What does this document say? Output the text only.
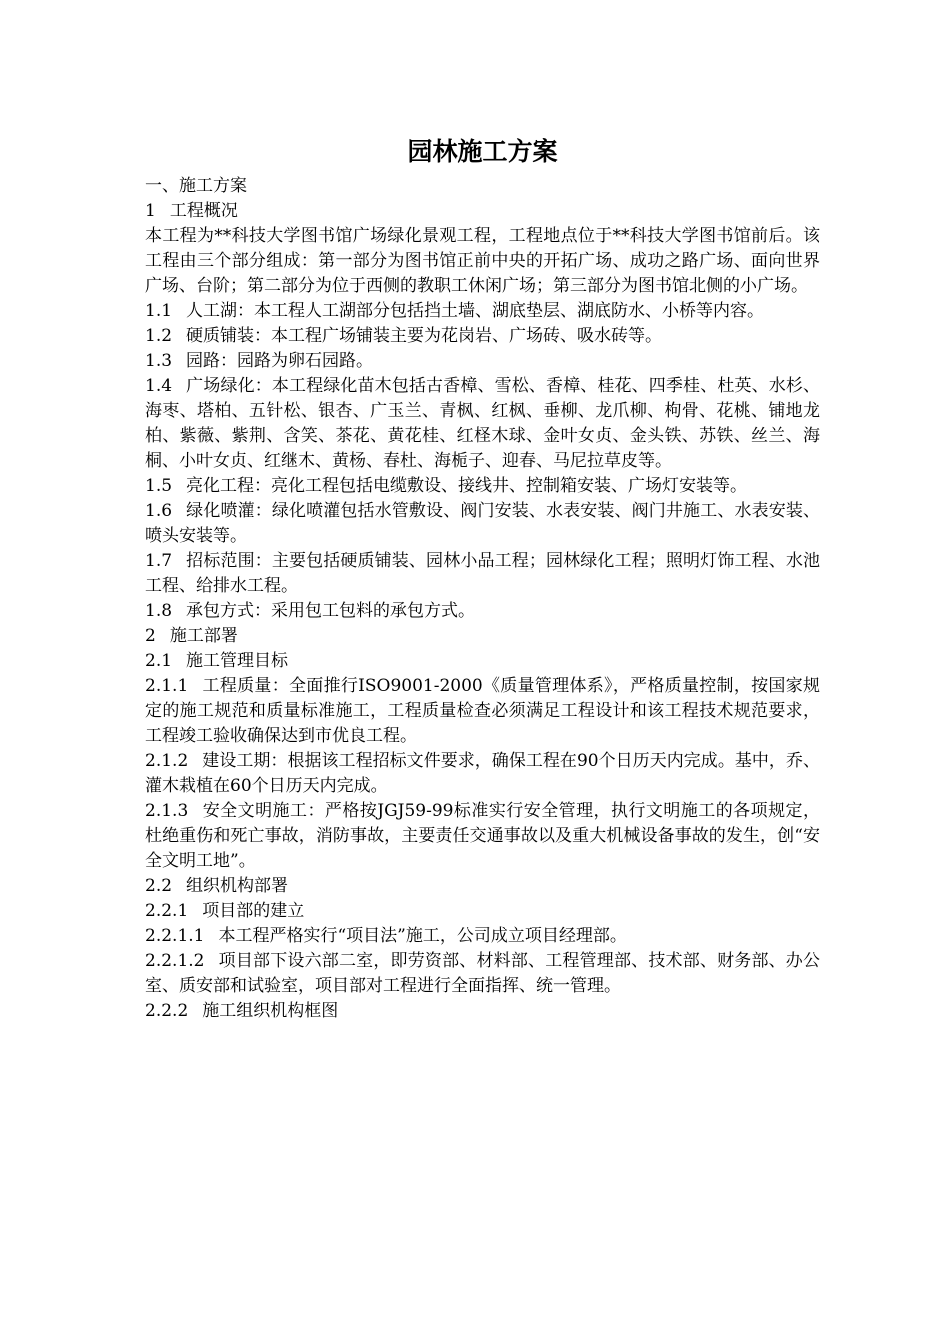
园林施工方案

一、施工方案

1 工程概况

本工程为**科技大学图书馆广场绿化景观工程，工程地点位于**科技大学图书馆前后。该工程由三个部分组成：第一部分为图书馆正前中央的开拓广场、成功之路广场、面向世界广场、台阶；第二部分为位于西侧的教职工休闲广场；第三部分为图书馆北侧的小广场。

1.1 人工湖：本工程人工湖部分包括挡土墙、湖底垫层、湖底防水、小桥等内容。

1.2 硬质铺装：本工程广场铺装主要为花岗岩、广场砖、吸水砖等。

1.3 园路：园路为卵石园路。

1.4 广场绿化：本工程绿化苗木包括古香樟、雪松、香樟、桂花、四季桂、杜英、水杉、海枣、塔柏、五针松、银杏、广玉兰、青枫、红枫、垂柳、龙爪柳、枸骨、花桃、铺地龙柏、紫薇、紫荆、含笑、茶花、黄花桂、红柽木球、金叶女贞、金头铁、苏铁、丝兰、海桐、小叶女贞、红继木、黄杨、春杜、海栀子、迎春、马尼拉草皮等。

1.5 亮化工程：亮化工程包括电缆敷设、接线井、控制箱安装、广场灯安装等。

1.6 绿化喷灌：绿化喷灌包括水管敷设、阀门安装、水表安装、阀门井施工、水表安装、喷头安装等。

1.7 招标范围：主要包括硬质铺装、园林小品工程；园林绿化工程；照明灯饰工程、水池工程、给排水工程。

1.8 承包方式：采用包工包料的承包方式。

2 施工部署

2.1 施工管理目标

2.1.1 工程质量：全面推行ISO9001-2000《质量管理体系》，严格质量控制，按国家规定的施工规范和质量标准施工，工程质量检查必须满足工程设计和该工程技术规范要求，工程竣工验收确保达到市优良工程。

2.1.2 建设工期：根据该工程招标文件要求，确保工程在90个日历天内完成。基中，乔、灌木栽植在60个日历天内完成。

2.1.3 安全文明施工：严格按JGJ59-99标准实行安全管理，执行文明施工的各项规定，杜绝重伤和死亡事故，消防事故，主要责任交通事故以及重大机械设备事故的发生，创“安全文明工地”。

2.2 组织机构部署

2.2.1 项目部的建立

2.2.1.1 本工程严格实行“项目法”施工，公司成立项目经理部。

2.2.1.2 项目部下设六部二室，即劳资部、材料部、工程管理部、技术部、财务部、办公室、质安部和试验室，项目部对工程进行全面指挥、统一管理。

2.2.2 施工组织机构框图
